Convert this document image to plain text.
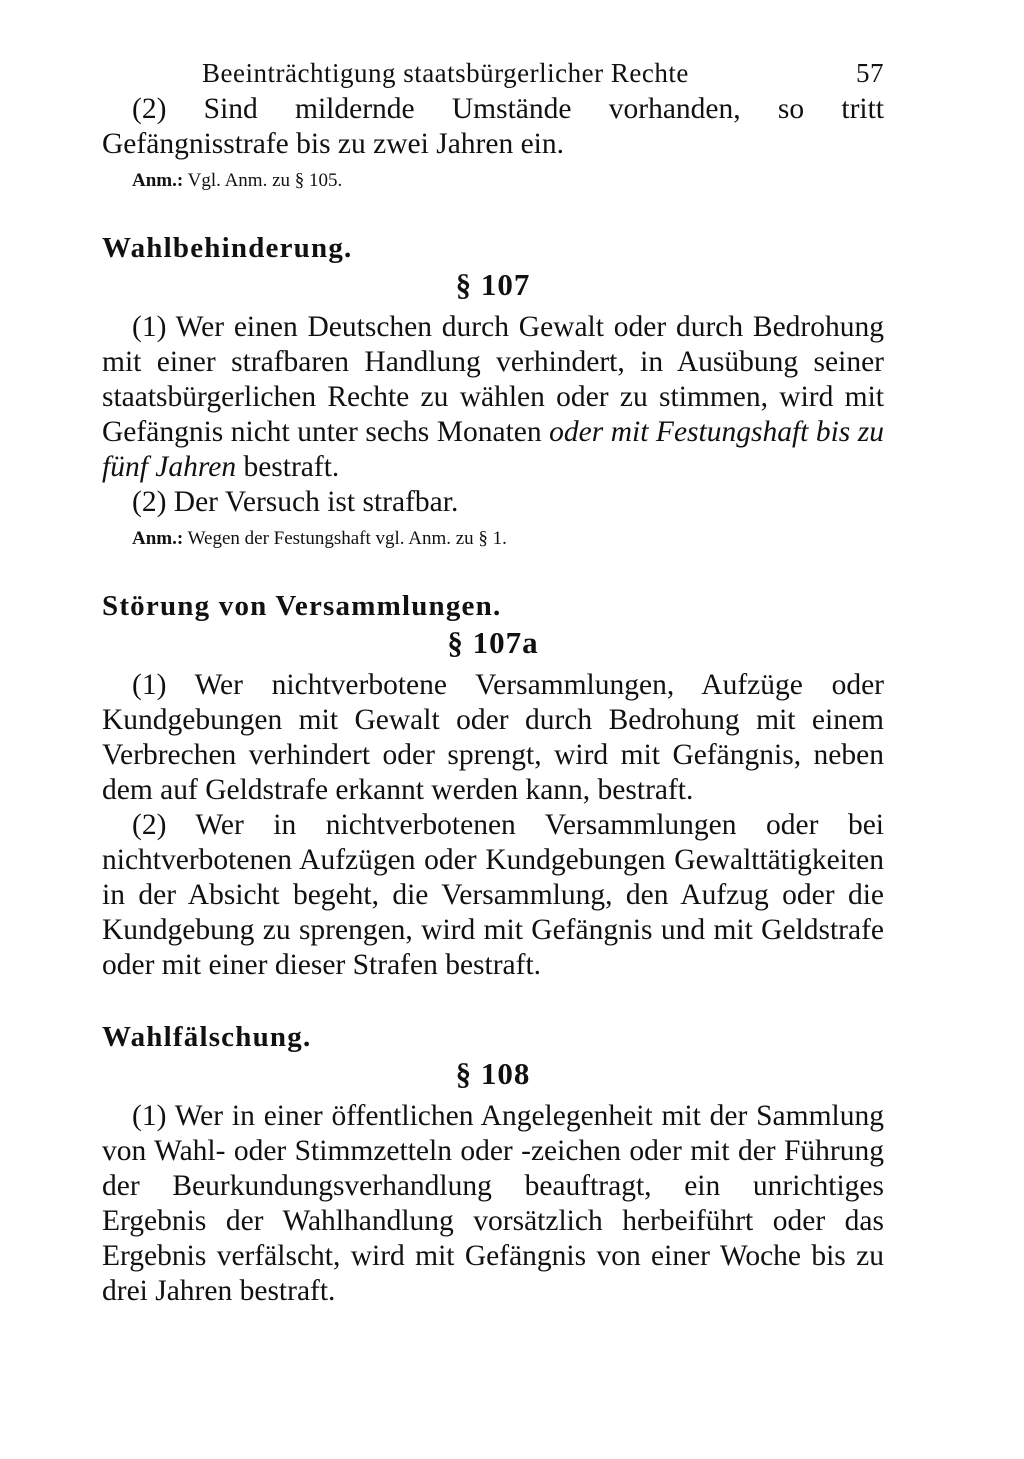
Beeinträchtigung staatsbürgerlicher Rechte	57

(2) Sind mildernde Umstände vorhanden, so tritt Gefängnisstrafe bis zu zwei Jahren ein.

Anm.: Vgl. Anm. zu § 105.

Wahlbehinderung.
§ 107

(1) Wer einen Deutschen durch Gewalt oder durch Bedrohung mit einer strafbaren Handlung verhindert, in Ausübung seiner staatsbürgerlichen Rechte zu wählen oder zu stimmen, wird mit Gefängnis nicht unter sechs Monaten oder mit Festungshaft bis zu fünf Jahren bestraft.

(2) Der Versuch ist strafbar.

Anm.: Wegen der Festungshaft vgl. Anm. zu § 1.

Störung von Versammlungen.
§ 107a

(1) Wer nichtverbotene Versammlungen, Aufzüge oder Kundgebungen mit Gewalt oder durch Bedrohung mit einem Verbrechen verhindert oder sprengt, wird mit Gefängnis, neben dem auf Geldstrafe erkannt werden kann, bestraft.

(2) Wer in nichtverbotenen Versammlungen oder bei nichtverbotenen Aufzügen oder Kundgebungen Gewalttätigkeiten in der Absicht begeht, die Versammlung, den Aufzug oder die Kundgebung zu sprengen, wird mit Gefängnis und mit Geldstrafe oder mit einer dieser Strafen bestraft.

Wahlfälschung.
§ 108

(1) Wer in einer öffentlichen Angelegenheit mit der Sammlung von Wahl- oder Stimmzetteln oder -zeichen oder mit der Führung der Beurkundungsverhandlung beauftragt, ein unrichtiges Ergebnis der Wahlhandlung vorsätzlich herbeiführt oder das Ergebnis verfälscht, wird mit Gefängnis von einer Woche bis zu drei Jahren bestraft.
